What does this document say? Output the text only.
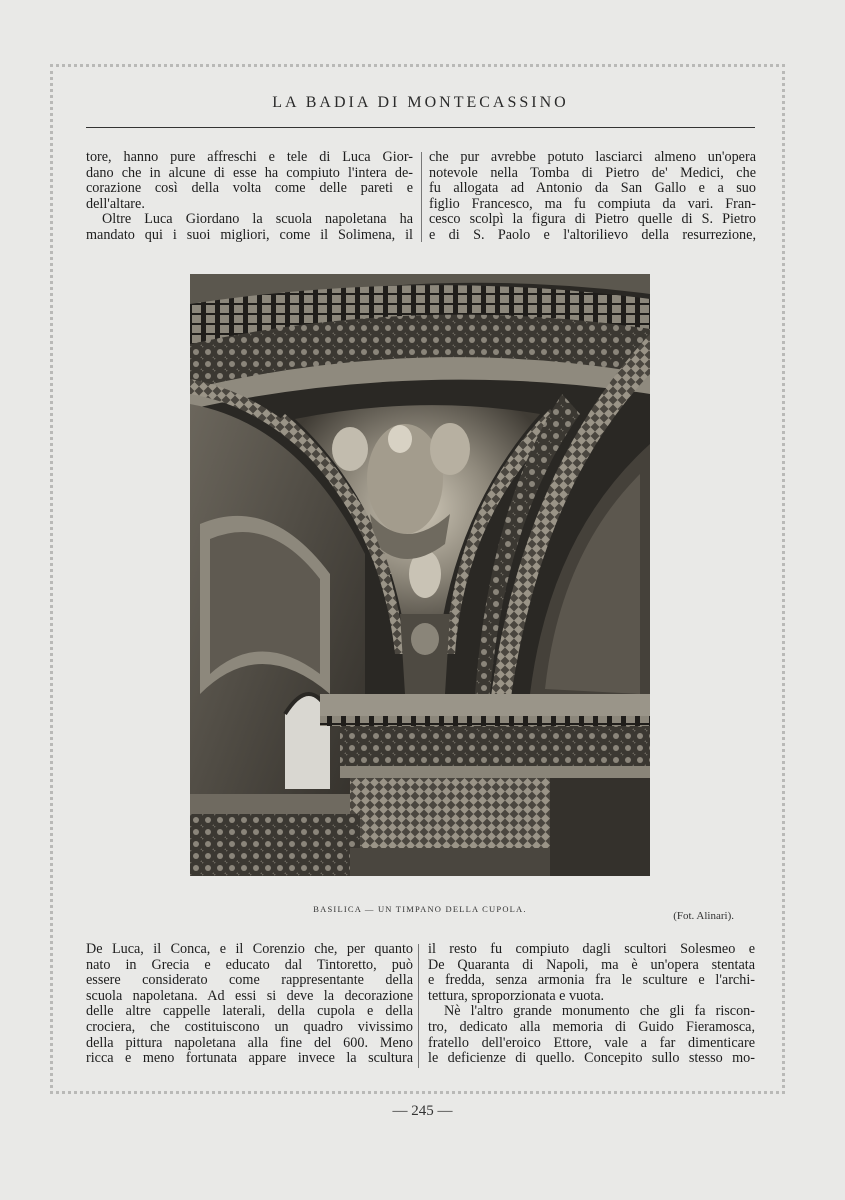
LA BADIA DI MONTECASSINO

tore, hanno pure affreschi e tele di Luca Gior-
dano che in alcune di esse ha compiuto l'intera de-
corazione così della volta come delle pareti e
dell'altare.

Oltre Luca Giordano la scuola napoletana ha
mandato qui i suoi migliori, come il Solimena, il

che pur avrebbe potuto lasciarci almeno un'opera
notevole nella Tomba di Pietro de' Medici, che
fu allogata ad Antonio da San Gallo e a suo
figlio Francesco, ma fu compiuta da vari. Fran-
cesco scolpì la figura di Pietro quelle di S. Pietro
e di S. Paolo e l'altorilievo della resurrezione,

BASILICA — UN TIMPANO DELLA CUPOLA.
(Fot. Alinari).

De Luca, il Conca, e il Corenzio che, per quanto
nato in Grecia e educato dal Tintoretto, può
essere considerato come rappresentante della
scuola napoletana. Ad essi si deve la decorazione
delle altre cappelle laterali, della cupola e della
crociera, che costituiscono un quadro vivissimo
della pittura napoletana alla fine del 600. Meno
ricca e meno fortunata appare invece la scultura

il resto fu compiuto dagli scultori Solesmeo e
De Quaranta di Napoli, ma è un'opera stentata
e fredda, senza armonia fra le sculture e l'archi-
tettura, sproporzionata e vuota.

Nè l'altro grande monumento che gli fa riscon-
tro, dedicato alla memoria di Guido Fieramosca,
fratello dell'eroico Ettore, vale a far dimenticare
le deficienze di quello. Concepito sullo stesso mo-

— 245 —
